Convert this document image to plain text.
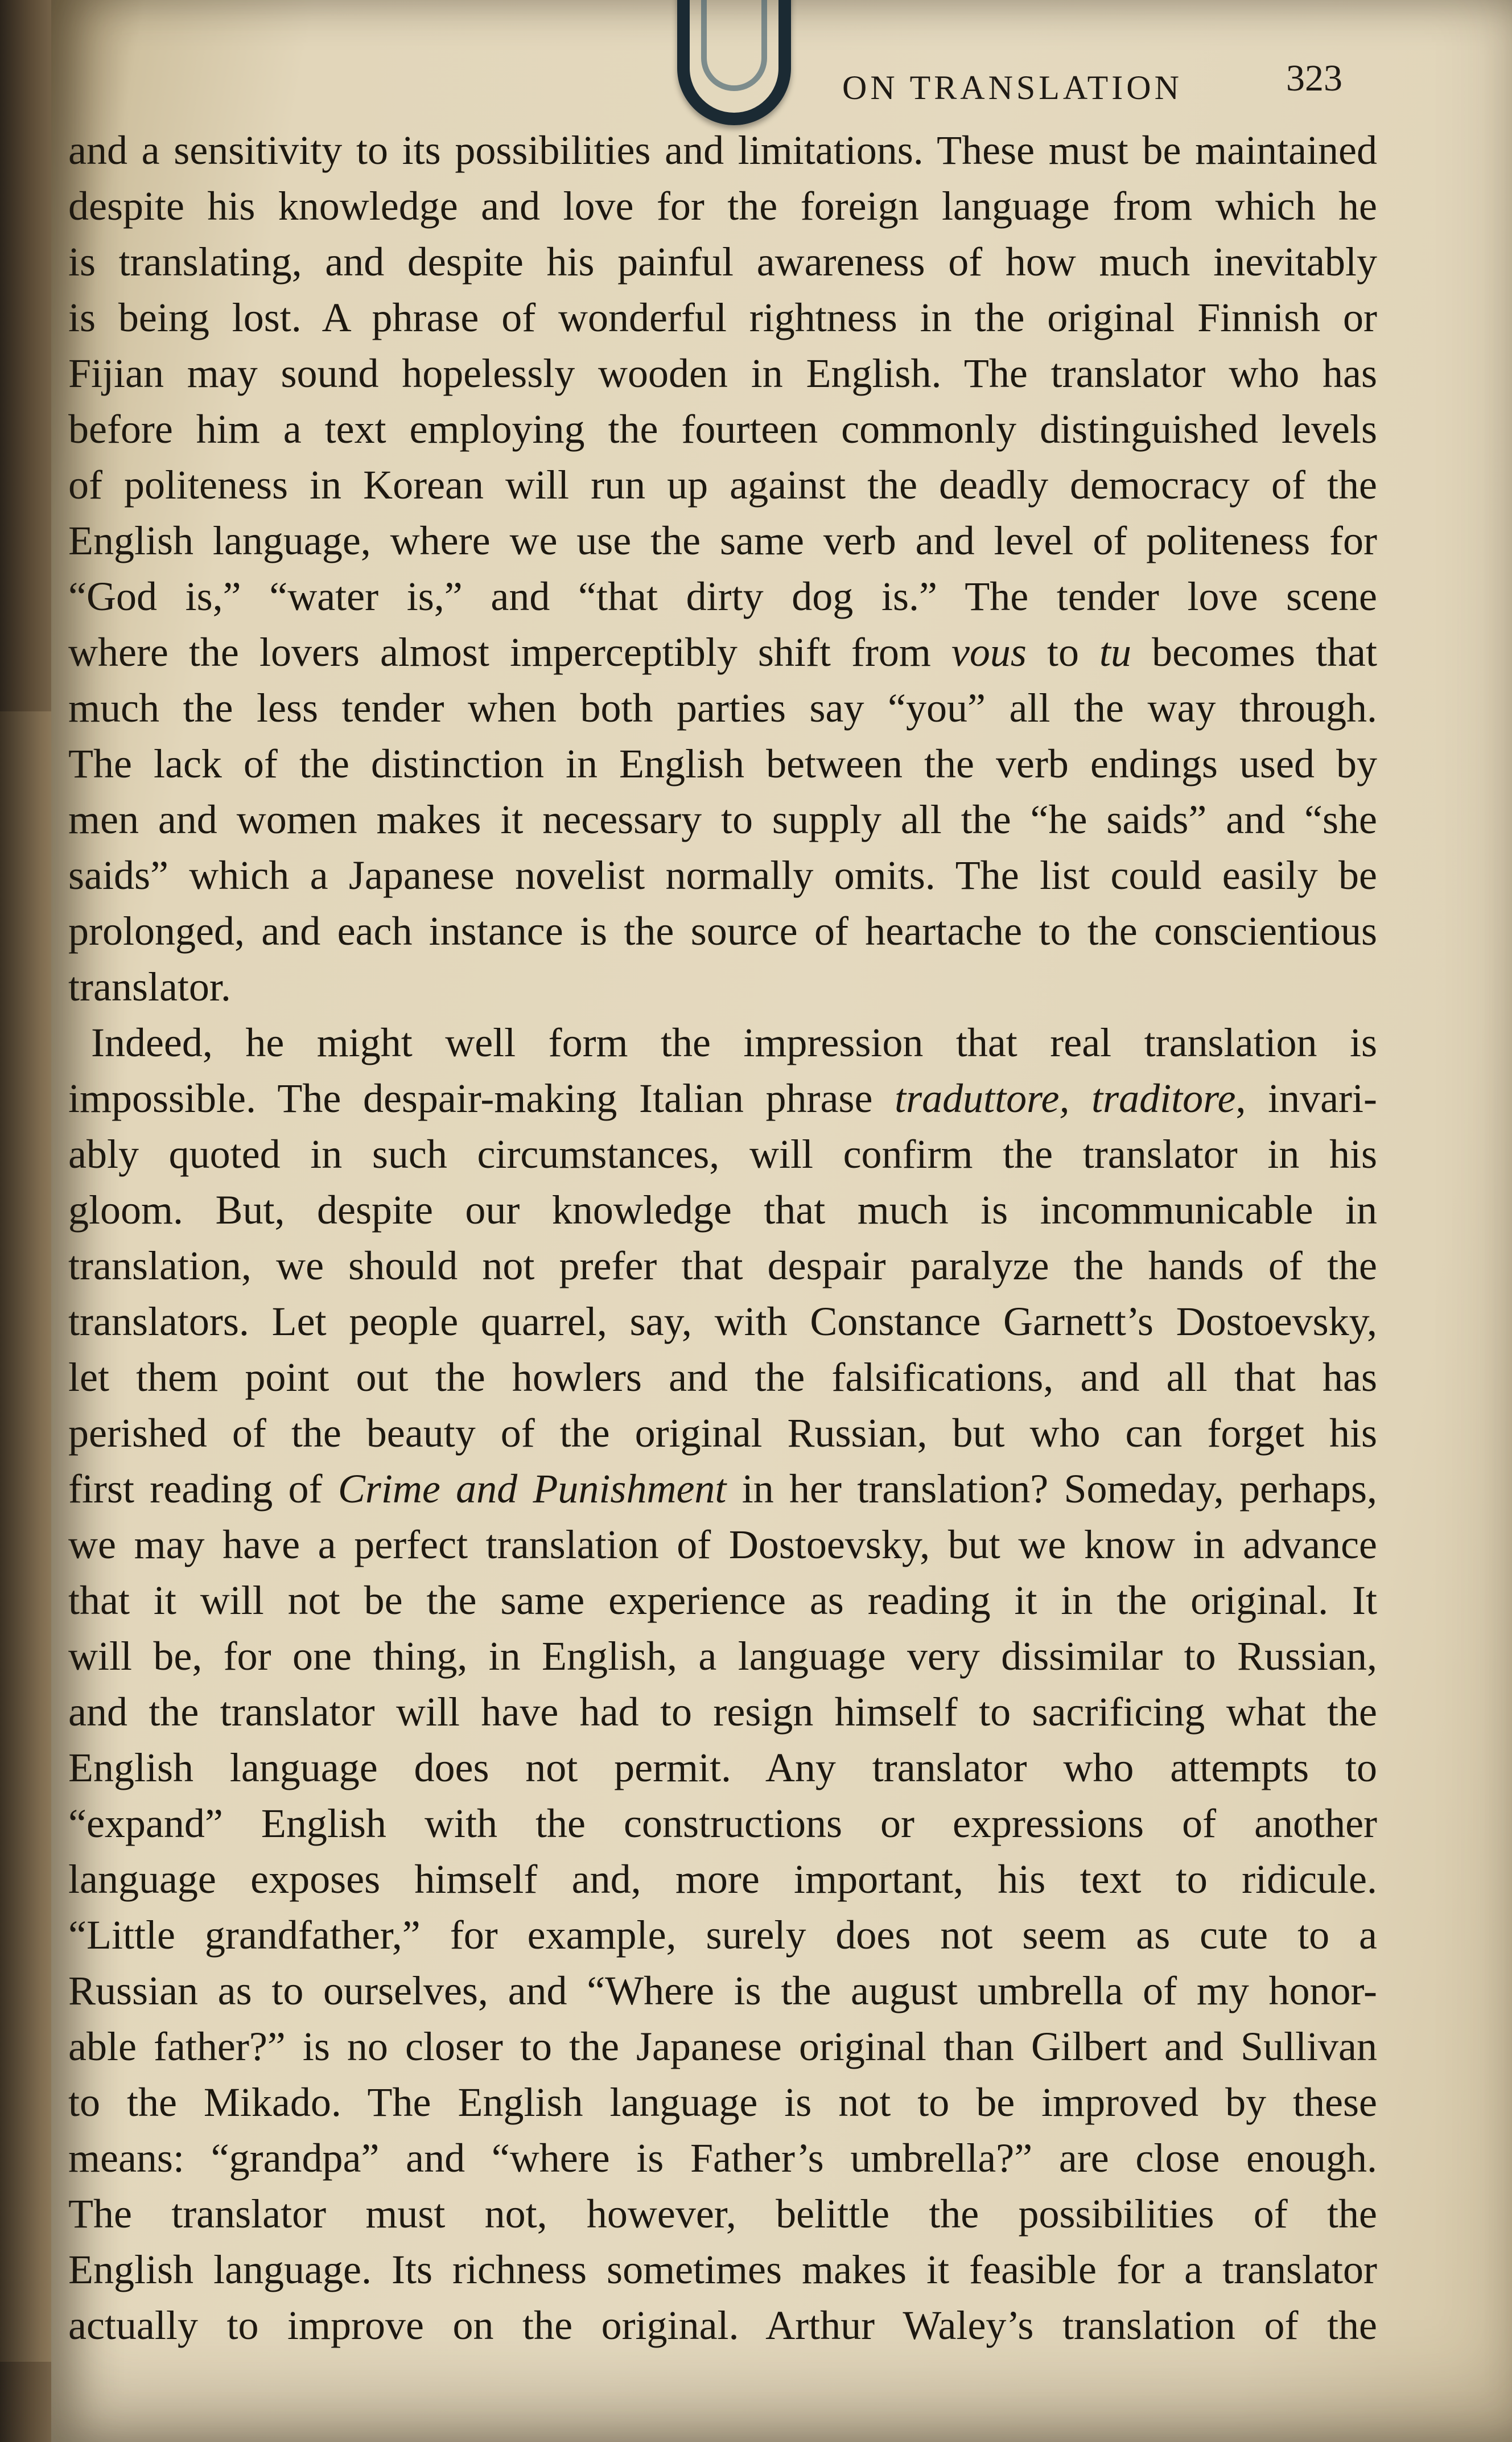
ON TRANSLATION	323
and a sensitivity to its possibilities and limitations. These must be maintained
despite his knowledge and love for the foreign language from which he
is translating, and despite his painful awareness of how much inevitably
is being lost. A phrase of wonderful rightness in the original Finnish or
Fijian may sound hopelessly wooden in English. The translator who has
before him a text employing the fourteen commonly distinguished levels
of politeness in Korean will run up against the deadly democracy of the
English language, where we use the same verb and level of politeness for
“God is,” “water is,” and “that dirty dog is.” The tender love scene
where the lovers almost imperceptibly shift from vous to tu becomes that
much the less tender when both parties say “you” all the way through.
The lack of the distinction in English between the verb endings used by
men and women makes it necessary to supply all the “he saids” and “she
saids” which a Japanese novelist normally omits. The list could easily be
prolonged, and each instance is the source of heartache to the conscientious
translator.
Indeed, he might well form the impression that real translation is
impossible. The despair-making Italian phrase traduttore, traditore, invari-
ably quoted in such circumstances, will confirm the translator in his
gloom. But, despite our knowledge that much is incommunicable in
translation, we should not prefer that despair paralyze the hands of the
translators. Let people quarrel, say, with Constance Garnett’s Dostoevsky,
let them point out the howlers and the falsifications, and all that has
perished of the beauty of the original Russian, but who can forget his
first reading of Crime and Punishment in her translation? Someday, perhaps,
we may have a perfect translation of Dostoevsky, but we know in advance
that it will not be the same experience as reading it in the original. It
will be, for one thing, in English, a language very dissimilar to Russian,
and the translator will have had to resign himself to sacrificing what the
English language does not permit. Any translator who attempts to
“expand” English with the constructions or expressions of another
language exposes himself and, more important, his text to ridicule.
“Little grandfather,” for example, surely does not seem as cute to a
Russian as to ourselves, and “Where is the august umbrella of my honor-
able father?” is no closer to the Japanese original than Gilbert and Sullivan
to the Mikado. The English language is not to be improved by these
means: “grandpa” and “where is Father’s umbrella?” are close enough.
The translator must not, however, belittle the possibilities of the
English language. Its richness sometimes makes it feasible for a translator
actually to improve on the original. Arthur Waley’s translation of the
